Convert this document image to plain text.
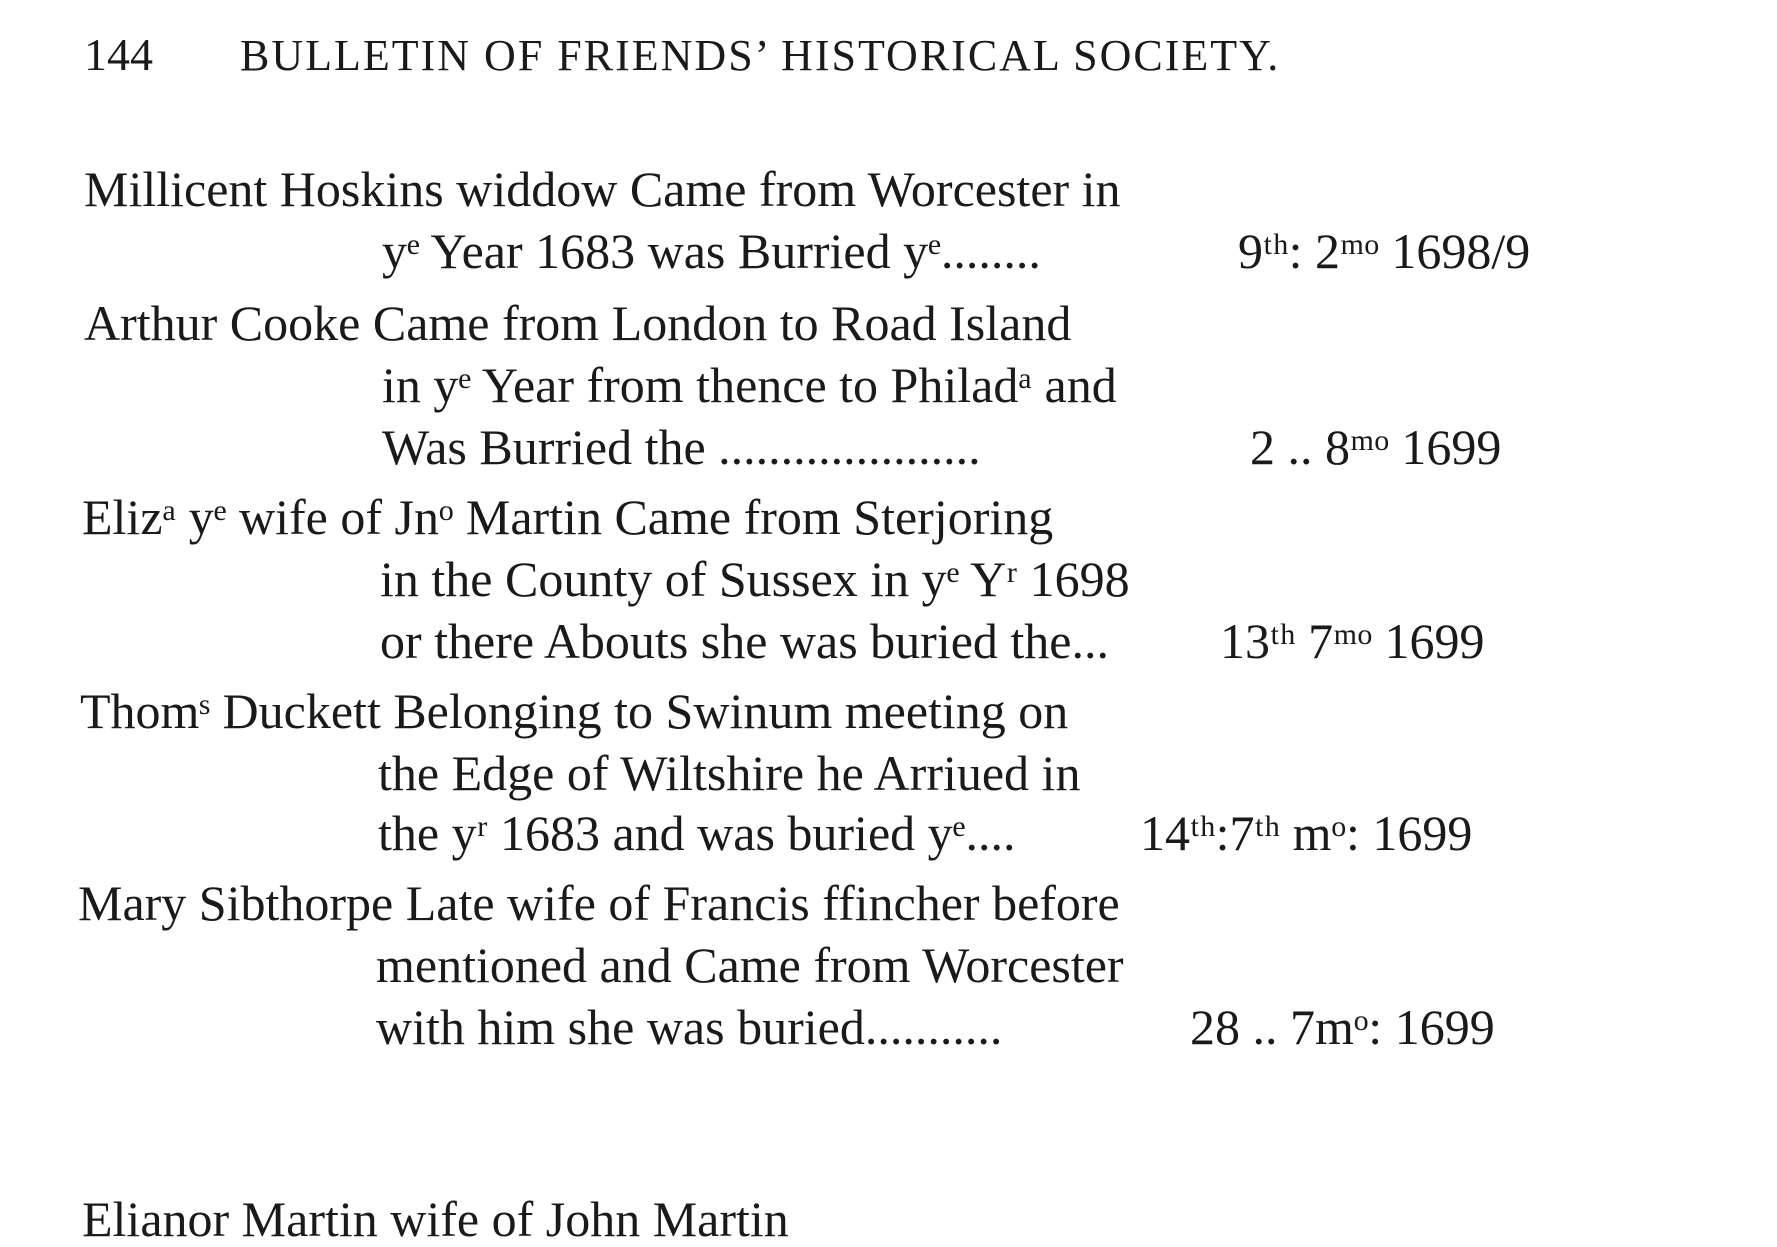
144 BULLETIN OF FRIENDS’ HISTORICAL SOCIETY.
Millicent Hoskins widdow Came from Worcester in
yᵉ Year 1683 was Burried yᵉ........	9ᵗʰ: 2ᵐᵒ 1698/9
Arthur Cooke Came from London to Road Island
in yᵉ Year from thence to Philadᵃ and
Was Burried the .....................	2 .. 8ᵐᵒ 1699
Elizᵃ yᵉ wife of Jnᵒ Martin Came from Sterjoring
in the County of Sussex in yᵉ Yʳ 1698
or there Abouts she was buried the... 13ᵗʰ 7ᵐᵒ 1699
Thomˢ Duckett Belonging to Swinum meeting on
the Edge of Wiltshire he Arriued in
the yʳ 1683 and was buried yᵉ.... 14ᵗʰ:7ᵗʰ mᵒ: 1699
Mary Sibthorpe Late wife of Francis ffincher before
mentioned and Came from Worcester
with him she was buried...........	28 .. 7mᵒ: 1699
Elianor Martin wife of John Martin
